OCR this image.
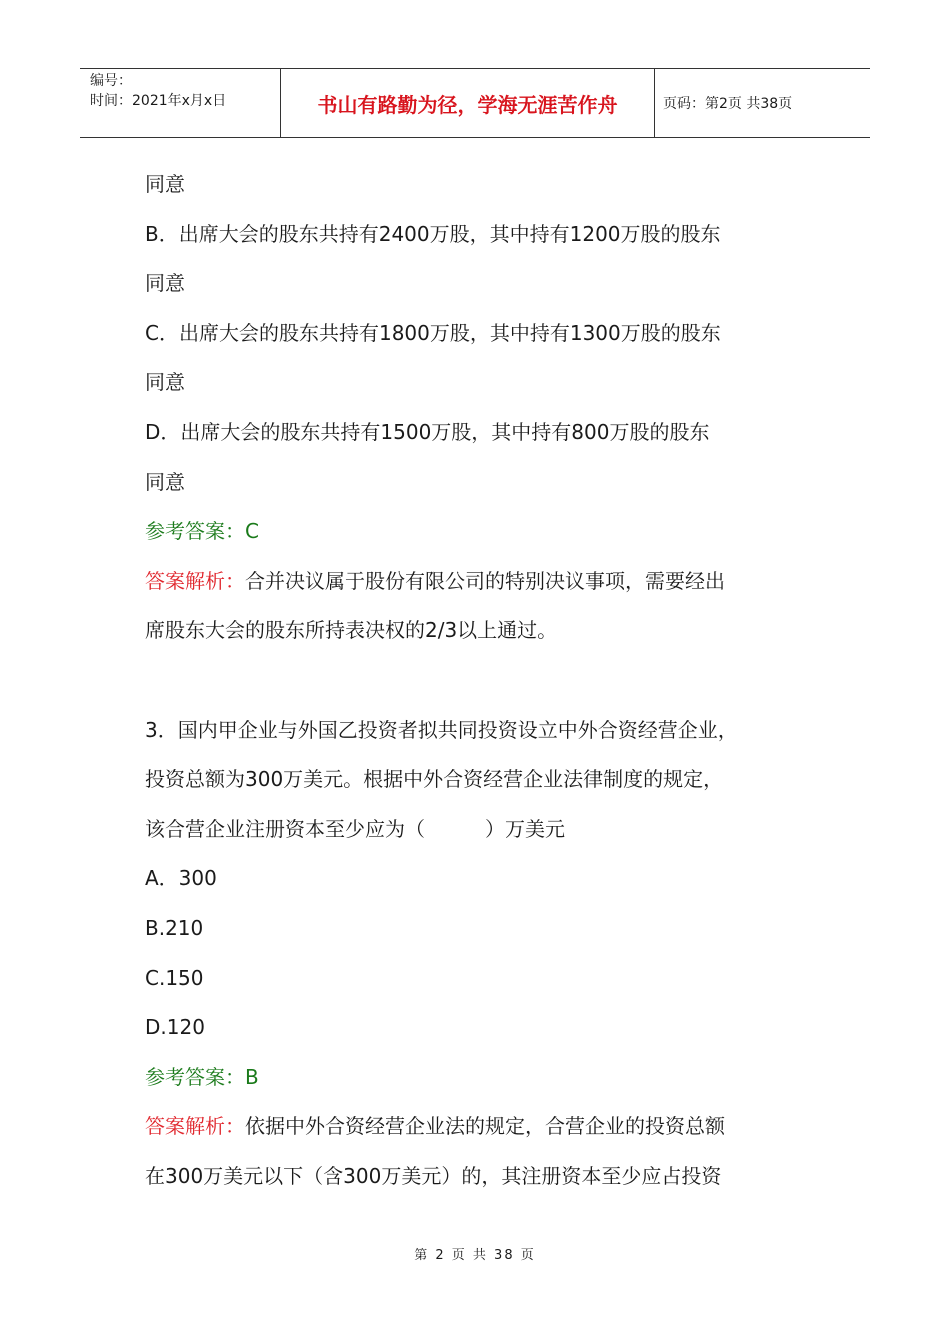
编号：
时间：2021年x月x日	书山有路勤为径，学海无涯苦作舟	页码：第2页 共38页
同意
B．出席大会的股东共持有2400万股，其中持有1200万股的股东
同意
C．出席大会的股东共持有1800万股，其中持有1300万股的股东
同意
D．出席大会的股东共持有1500万股，其中持有800万股的股东
同意
参考答案：C
答案解析：合并决议属于股份有限公司的特别决议事项，需要经出
席股东大会的股东所持表决权的2/3以上通过。
3．国内甲企业与外国乙投资者拟共同投资设立中外合资经营企业，
投资总额为300万美元。根据中外合资经营企业法律制度的规定，
该合营企业注册资本至少应为（　　　）万美元
A．300
B.210
C.150
D.120
参考答案：B
答案解析：依据中外合资经营企业法的规定，合营企业的投资总额
在300万美元以下（含300万美元）的，其注册资本至少应占投资
第 2 页 共 38 页
